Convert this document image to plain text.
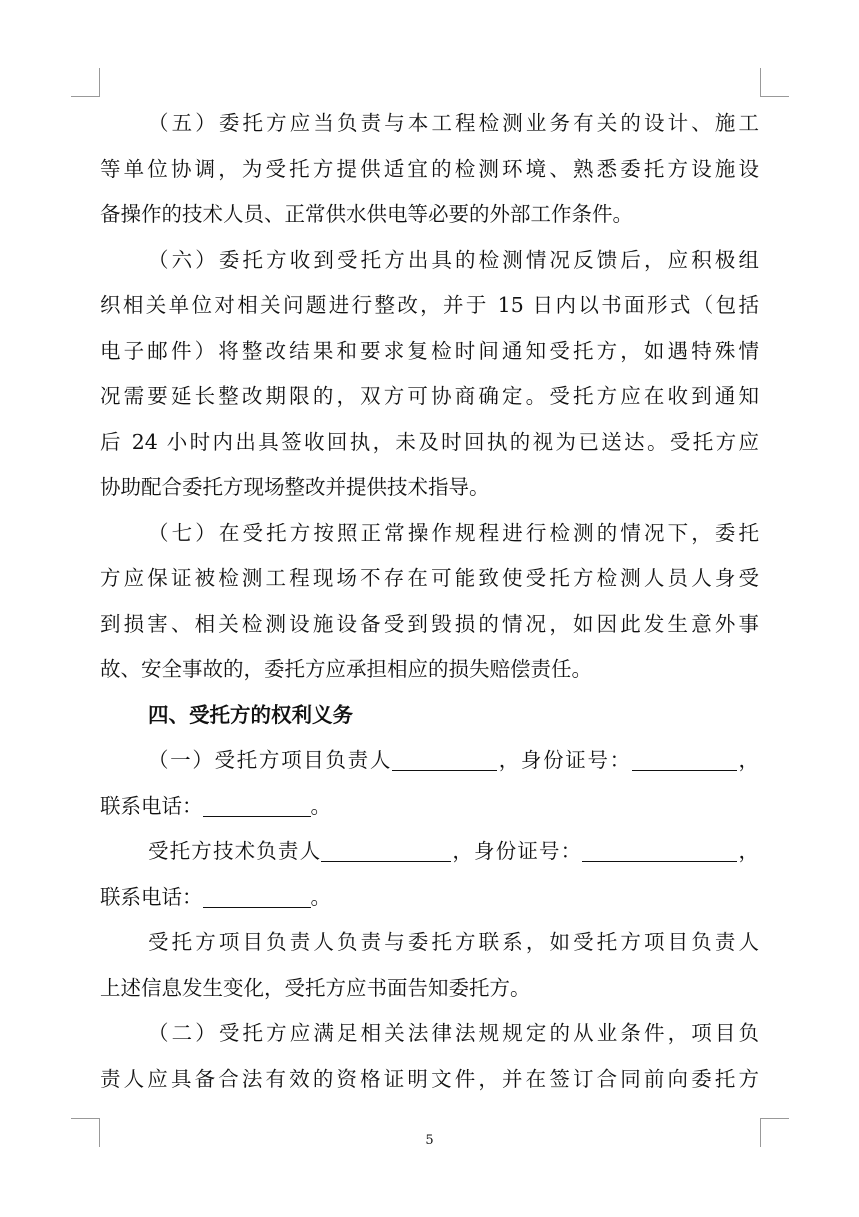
（五）委托方应当负责与本工程检测业务有关的设计、施工
等单位协调，为受托方提供适宜的检测环境、熟悉委托方设施设
备操作的技术人员、正常供水供电等必要的外部工作条件。
（六）委托方收到受托方出具的检测情况反馈后，应积极组
织相关单位对相关问题进行整改，并于 15 日内以书面形式（包括
电子邮件）将整改结果和要求复检时间通知受托方，如遇特殊情
况需要延长整改期限的，双方可协商确定。受托方应在收到通知
后 24 小时内出具签收回执，未及时回执的视为已送达。受托方应
协助配合委托方现场整改并提供技术指导。
（七）在受托方按照正常操作规程进行检测的情况下，委托
方应保证被检测工程现场不存在可能致使受托方检测人员人身受
到损害、相关检测设施设备受到毁损的情况，如因此发生意外事
故、安全事故的，委托方应承担相应的损失赔偿责任。
四、受托方的权利义务
（一）受托方项目负责人	，身份证号：	，
联系电话：	。
受托方技术负责人	，身份证号：	，
联系电话：	。
受托方项目负责人负责与委托方联系，如受托方项目负责人
上述信息发生变化，受托方应书面告知委托方。
（二）受托方应满足相关法律法规规定的从业条件，项目负
责人应具备合法有效的资格证明文件，并在签订合同前向委托方
5
